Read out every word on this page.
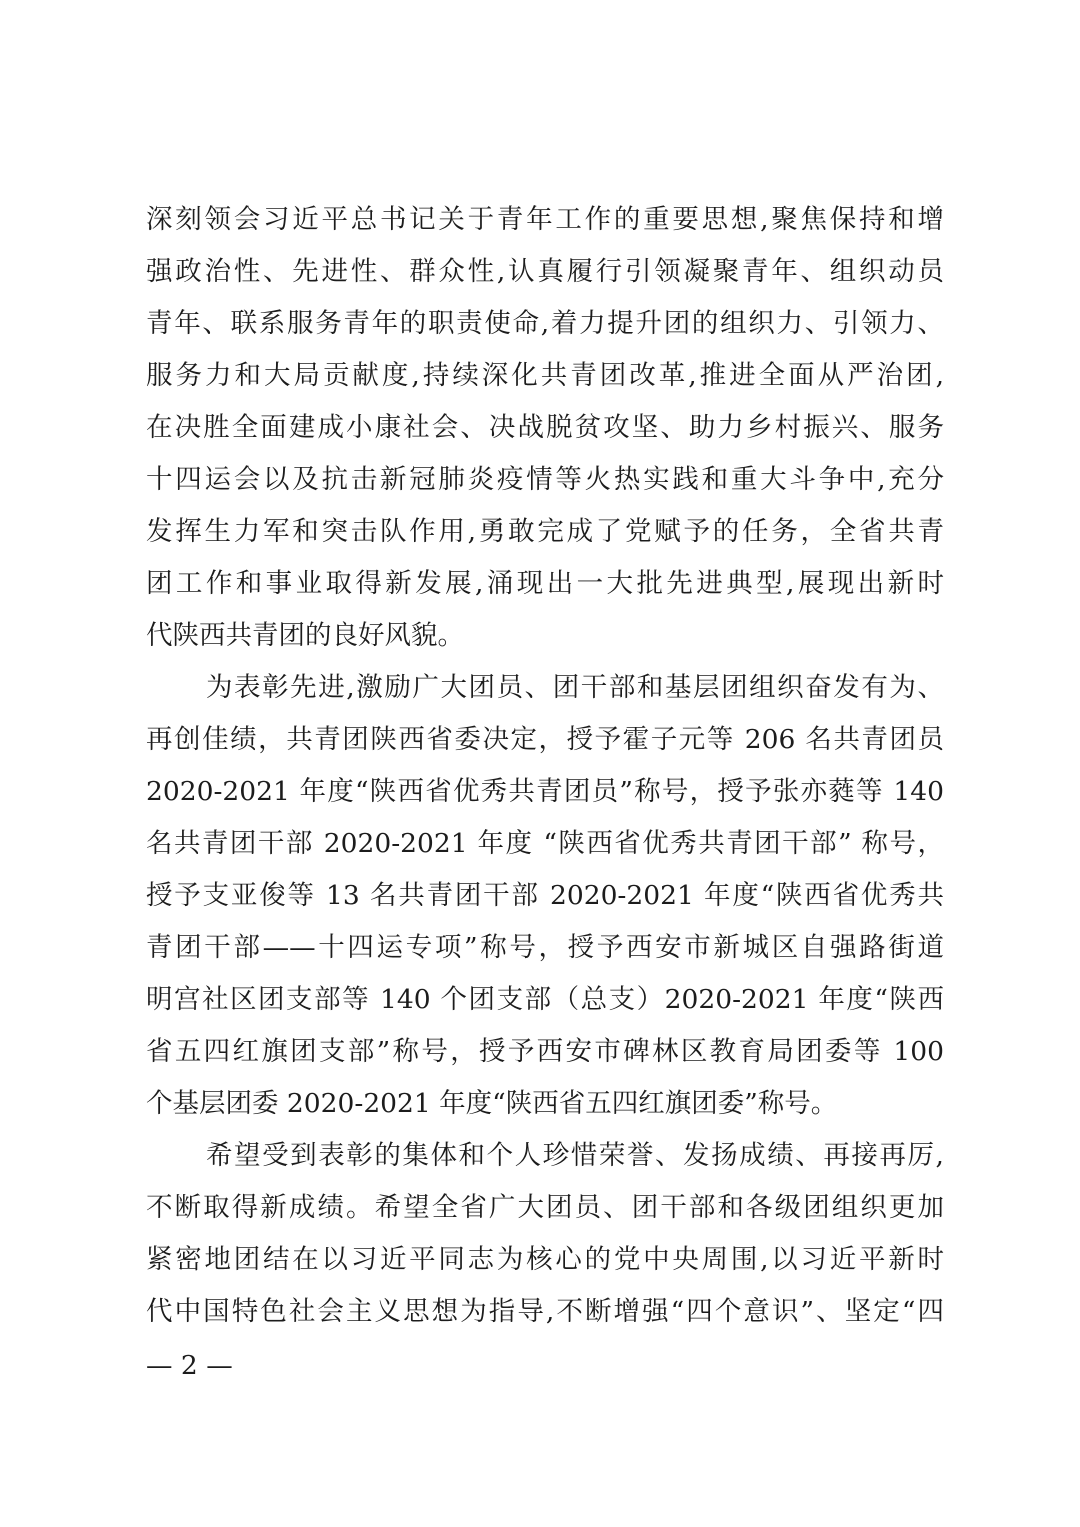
深刻领会习近平总书记关于青年工作的重要思想,聚焦保持和增
强政治性、先进性、群众性,认真履行引领凝聚青年、组织动员
青年、联系服务青年的职责使命,着力提升团的组织力、引领力、
服务力和大局贡献度,持续深化共青团改革,推进全面从严治团,
在决胜全面建成小康社会、决战脱贫攻坚、助力乡村振兴、服务
十四运会以及抗击新冠肺炎疫情等火热实践和重大斗争中,充分
发挥生力军和突击队作用,勇敢完成了党赋予的任务，全省共青
团工作和事业取得新发展,涌现出一大批先进典型,展现出新时
代陕西共青团的良好风貌。
为表彰先进,激励广大团员、团干部和基层团组织奋发有为、
再创佳绩，共青团陕西省委决定，授予霍子元等 206 名共青团员
2020-2021 年度“陕西省优秀共青团员”称号，授予张亦蕤等 140
名共青团干部 2020-2021 年度 “陕西省优秀共青团干部” 称号，
授予支亚俊等 13 名共青团干部 2020-2021 年度“陕西省优秀共
青团干部——十四运专项”称号，授予西安市新城区自强路街道
明宫社区团支部等 140 个团支部（总支）2020-2021 年度“陕西
省五四红旗团支部”称号，授予西安市碑林区教育局团委等 100
个基层团委 2020-2021 年度“陕西省五四红旗团委”称号。
希望受到表彰的集体和个人珍惜荣誉、发扬成绩、再接再厉,
不断取得新成绩。希望全省广大团员、团干部和各级团组织更加
紧密地团结在以习近平同志为核心的党中央周围,以习近平新时
代中国特色社会主义思想为指导,不断增强“四个意识”、坚定“四
— 2 —
